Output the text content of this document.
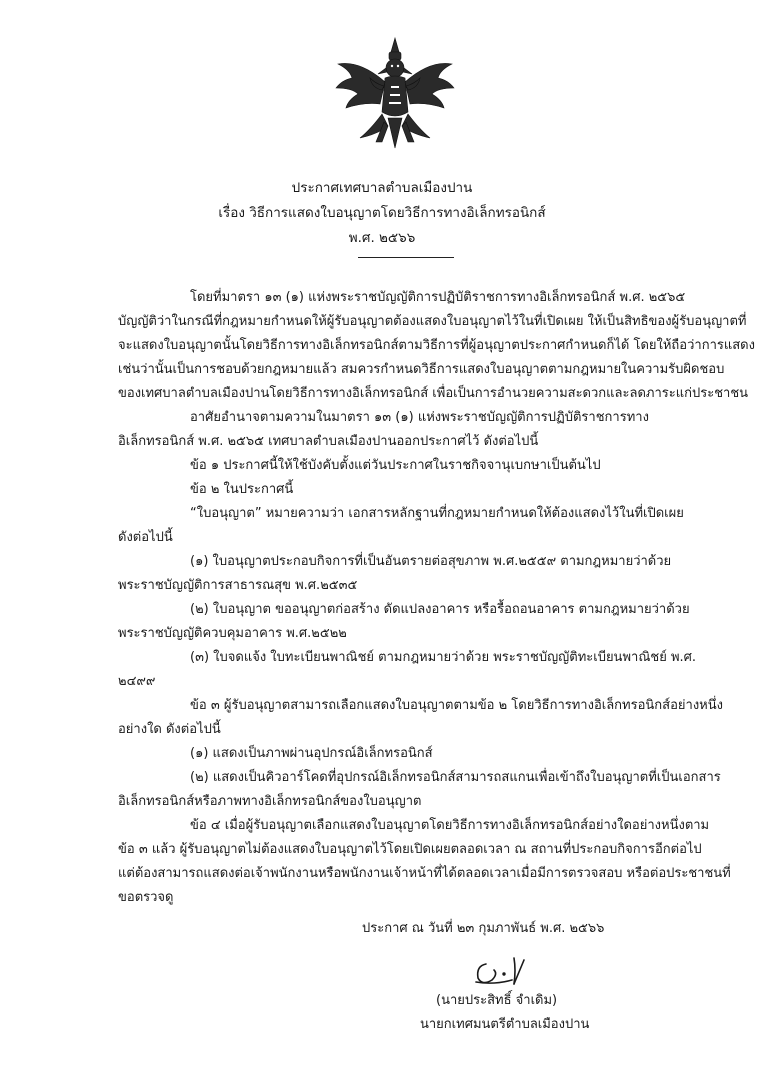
ประกาศเทศบาลตำบลเมืองปาน
เรื่อง วิธีการแสดงใบอนุญาตโดยวิธีการทางอิเล็กทรอนิกส์
พ.ศ. ๒๕๖๖
โดยที่มาตรา ๑๓ (๑) แห่งพระราชบัญญัติการปฏิบัติราชการทางอิเล็กทรอนิกส์ พ.ศ. ๒๕๖๕
บัญญัติว่าในกรณีที่กฎหมายกำหนดให้ผู้รับอนุญาตต้องแสดงใบอนุญาตไว้ในที่เปิดเผย ให้เป็นสิทธิของผู้รับอนุญาตที่
จะแสดงใบอนุญาตนั้นโดยวิธีการทางอิเล็กทรอนิกส์ตามวิธีการที่ผู้อนุญาตประกาศกำหนดก็ได้ โดยให้ถือว่าการแสดง
เช่นว่านั้นเป็นการชอบด้วยกฎหมายแล้ว สมควรกำหนดวิธีการแสดงใบอนุญาตตามกฎหมายในความรับผิดชอบ
ของเทศบาลตำบลเมืองปานโดยวิธีการทางอิเล็กทรอนิกส์ เพื่อเป็นการอำนวยความสะดวกและลดภาระแก่ประชาชน
อาศัยอำนาจตามความในมาตรา ๑๓ (๑) แห่งพระราชบัญญัติการปฏิบัติราชการทาง
อิเล็กทรอนิกส์ พ.ศ. ๒๕๖๕ เทศบาลตำบลเมืองปานออกประกาศไว้ ดังต่อไปนี้
ข้อ ๑ ประกาศนี้ให้ใช้บังคับตั้งแต่วันประกาศในราชกิจจานุเบกษาเป็นต้นไป
ข้อ ๒ ในประกาศนี้
“ใบอนุญาต” หมายความว่า เอกสารหลักฐานที่กฎหมายกำหนดให้ต้องแสดงไว้ในที่เปิดเผย
ดังต่อไปนี้
(๑) ใบอนุญาตประกอบกิจการที่เป็นอันตรายต่อสุขภาพ พ.ศ.๒๕๕๙ ตามกฎหมายว่าด้วย
พระราชบัญญัติการสาธารณสุข พ.ศ.๒๕๓๕
(๒) ใบอนุญาต ขออนุญาตก่อสร้าง ดัดแปลงอาคาร หรือรื้อถอนอาคาร ตามกฎหมายว่าด้วย
พระราชบัญญัติควบคุมอาคาร พ.ศ.๒๕๒๒
(๓) ใบจดแจ้ง ใบทะเบียนพาณิชย์ ตามกฎหมายว่าด้วย พระราชบัญญัติทะเบียนพาณิชย์ พ.ศ.
๒๔๙๙
ข้อ ๓ ผู้รับอนุญาตสามารถเลือกแสดงใบอนุญาตตามข้อ ๒ โดยวิธีการทางอิเล็กทรอนิกส์อย่างหนึ่ง
อย่างใด ดังต่อไปนี้
(๑) แสดงเป็นภาพผ่านอุปกรณ์อิเล็กทรอนิกส์
(๒) แสดงเป็นคิวอาร์โคดที่อุปกรณ์อิเล็กทรอนิกส์สามารถสแกนเพื่อเข้าถึงใบอนุญาตที่เป็นเอกสาร
อิเล็กทรอนิกส์หรือภาพทางอิเล็กทรอนิกส์ของใบอนุญาต
ข้อ ๔ เมื่อผู้รับอนุญาตเลือกแสดงใบอนุญาตโดยวิธีการทางอิเล็กทรอนิกส์อย่างใดอย่างหนึ่งตาม
ข้อ ๓ แล้ว ผู้รับอนุญาตไม่ต้องแสดงใบอนุญาตไว้โดยเปิดเผยตลอดเวลา ณ สถานที่ประกอบกิจการอีกต่อไป
แต่ต้องสามารถแสดงต่อเจ้าพนักงานหรือพนักงานเจ้าหน้าที่ได้ตลอดเวลาเมื่อมีการตรวจสอบ หรือต่อประชาชนที่
ขอตรวจดู
ประกาศ ณ วันที่ ๒๓ กุมภาพันธ์ พ.ศ. ๒๕๖๖
(นายประสิทธิ์ จำเดิม)
นายกเทศมนตรีตำบลเมืองปาน
